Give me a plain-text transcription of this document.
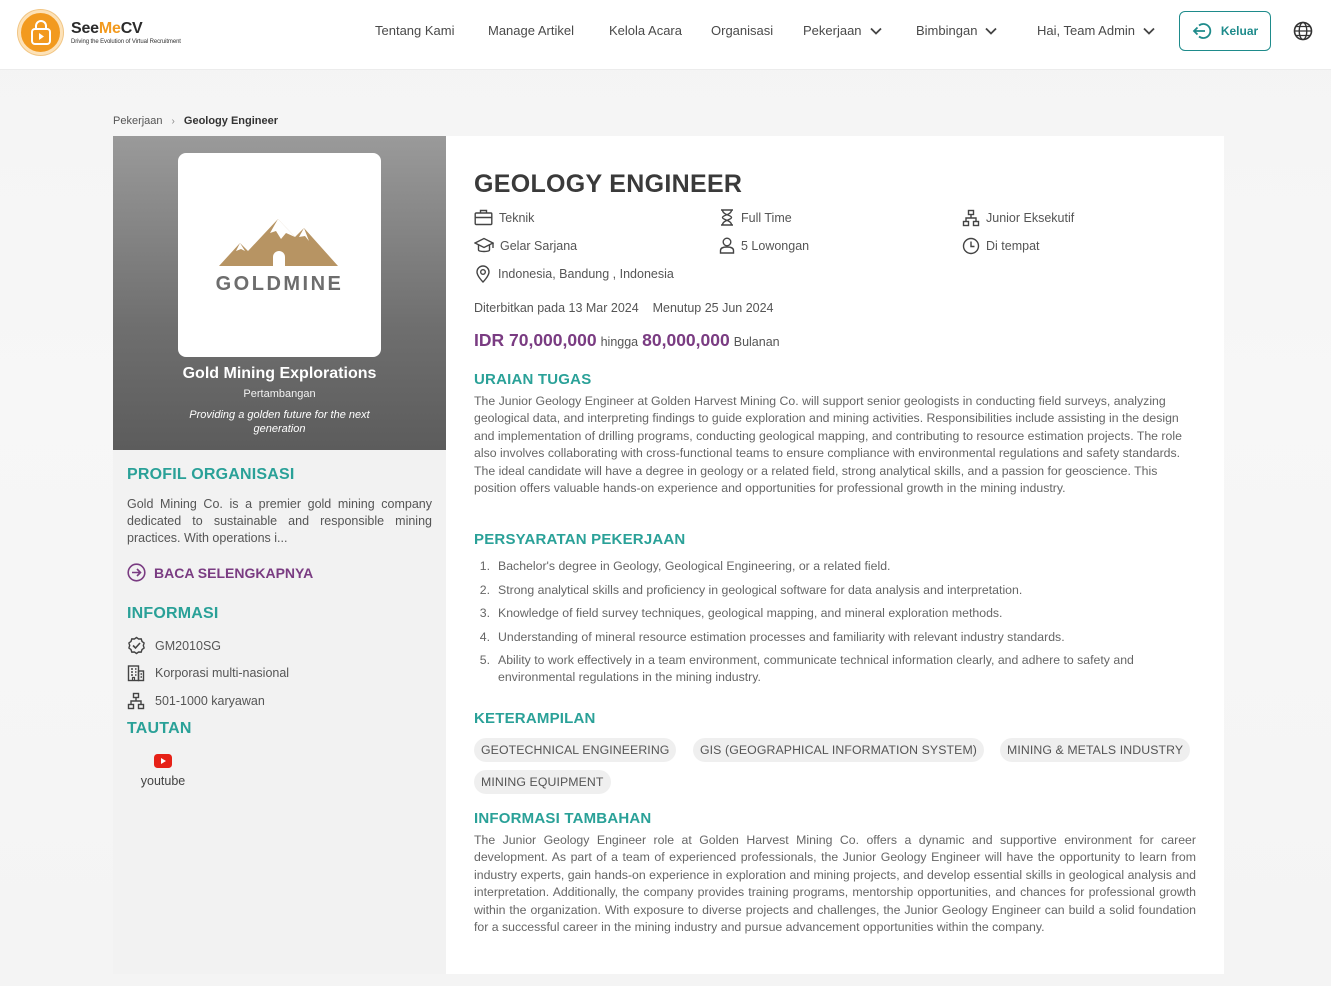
SeeMeCV
Driving the Evolution of Virtual Recruitment
Tentang Kami	Manage Artikel	Kelola Acara Organisasi Pekerjaan	Bimbingan	Hai, Team Admin	Keluar
Pekerjaan › Geology Engineer
GOLDMINE
Gold Mining Explorations
Pertambangan
Providing a golden future for the next generation
PROFIL ORGANISASI
Gold Mining Co. is a premier gold mining company dedicated to sustainable and responsible mining practices. With operations i...
BACA SELENGKAPNYA
INFORMASI
GM2010SG
Korporasi multi-nasional
501-1000 karyawan
TAUTAN
youtube
GEOLOGY ENGINEER
Teknik	Full Time	Junior Eksekutif
Gelar Sarjana	5 Lowongan	Di tempat
Indonesia, Bandung , Indonesia
Diterbitkan pada 13 Mar 2024    Menutup 25 Jun 2024
IDR 70,000,000 hingga 80,000,000 Bulanan
URAIAN TUGAS
The Junior Geology Engineer at Golden Harvest Mining Co. will support senior geologists in conducting field surveys, analyzing geological data, and interpreting findings to guide exploration and mining activities. Responsibilities include assisting in the design and implementation of drilling programs, conducting geological mapping, and contributing to resource estimation projects. The role also involves collaborating with cross-functional teams to ensure compliance with environmental regulations and safety standards. The ideal candidate will have a degree in geology or a related field, strong analytical skills, and a passion for geoscience. This position offers valuable hands-on experience and opportunities for professional growth in the mining industry.
PERSYARATAN PEKERJAAN
1. Bachelor's degree in Geology, Geological Engineering, or a related field.
2. Strong analytical skills and proficiency in geological software for data analysis and interpretation.
3. Knowledge of field survey techniques, geological mapping, and mineral exploration methods.
4. Understanding of mineral resource estimation processes and familiarity with relevant industry standards.
5. Ability to work effectively in a team environment, communicate technical information clearly, and adhere to safety and environmental regulations in the mining industry.
KETERAMPILAN
GEOTECHNICAL ENGINEERING	GIS (GEOGRAPHICAL INFORMATION SYSTEM)	MINING & METALS INDUSTRY
MINING EQUIPMENT
INFORMASI TAMBAHAN
The Junior Geology Engineer role at Golden Harvest Mining Co. offers a dynamic and supportive environment for career development. As part of a team of experienced professionals, the Junior Geology Engineer will have the opportunity to learn from industry experts, gain hands-on experience in exploration and mining projects, and develop essential skills in geological analysis and interpretation. Additionally, the company provides training programs, mentorship opportunities, and chances for professional growth within the organization. With exposure to diverse projects and challenges, the Junior Geology Engineer can build a solid foundation for a successful career in the mining industry and pursue advancement opportunities within the company.
